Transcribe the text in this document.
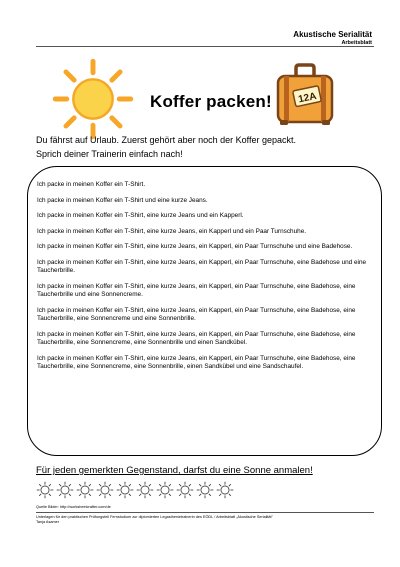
Akustische Serialität
Arbeitsblatt
Koffer packen!	12A
Du fährst auf Urlaub. Zuerst gehört aber noch der Koffer gepackt.
Sprich deiner Trainerin einfach nach!

Ich packe in meinen Koffer ein T-Shirt.

Ich packe in meinen Koffer ein T-Shirt und eine kurze Jeans.

Ich packe in meinen Koffer ein T-Shirt, eine kurze Jeans und ein Kapperl.

Ich packe in meinen Koffer ein T-Shirt, eine kurze Jeans, ein Kapperl und ein Paar Turnschuhe.

Ich packe in meinen Koffer ein T-Shirt, eine kurze Jeans, ein Kapperl, ein Paar Turnschuhe und eine Badehose.

Ich packe in meinen Koffer ein T-Shirt, eine kurze Jeans, ein Kapperl, ein Paar Turnschuhe, eine Badehose und eine Taucherbrille.

Ich packe in meinen Koffer ein T-Shirt, eine kurze Jeans, ein Kapperl, ein Paar Turnschuhe, eine Badehose, eine Taucherbrille und eine Sonnencreme.

Ich packe in meinen Koffer ein T-Shirt, eine kurze Jeans, ein Kapperl, ein Paar Turnschuhe, eine Badehose, eine Taucherbrille, eine Sonnencreme und eine Sonnenbrille.

Ich packe in meinen Koffer ein T-Shirt, eine kurze Jeans, ein Kapperl, ein Paar Turnschuhe, eine Badehose, eine Taucherbrille, eine Sonnencreme, eine Sonnenbrille und einen Sandkübel.

Ich packe in meinen Koffer ein T-Shirt, eine kurze Jeans, ein Kapperl, ein Paar Turnschuhe, eine Badehose, eine Taucherbrille, eine Sonnencreme, eine Sonnenbrille, einen Sandkübel und eine Sandschaufel.

Für jeden gemerkten Gegenstand, darfst du eine Sonne anmalen!
Quelle Bilder: http://worksheetcrafter.com/de
Unterlagen für den praktischen Prüfungsteil Fernstudium zur diplomierten Legasthenietrainerin des EÖDL / Arbeitsblatt „Akustische Serialität"
Tanja Asamer
